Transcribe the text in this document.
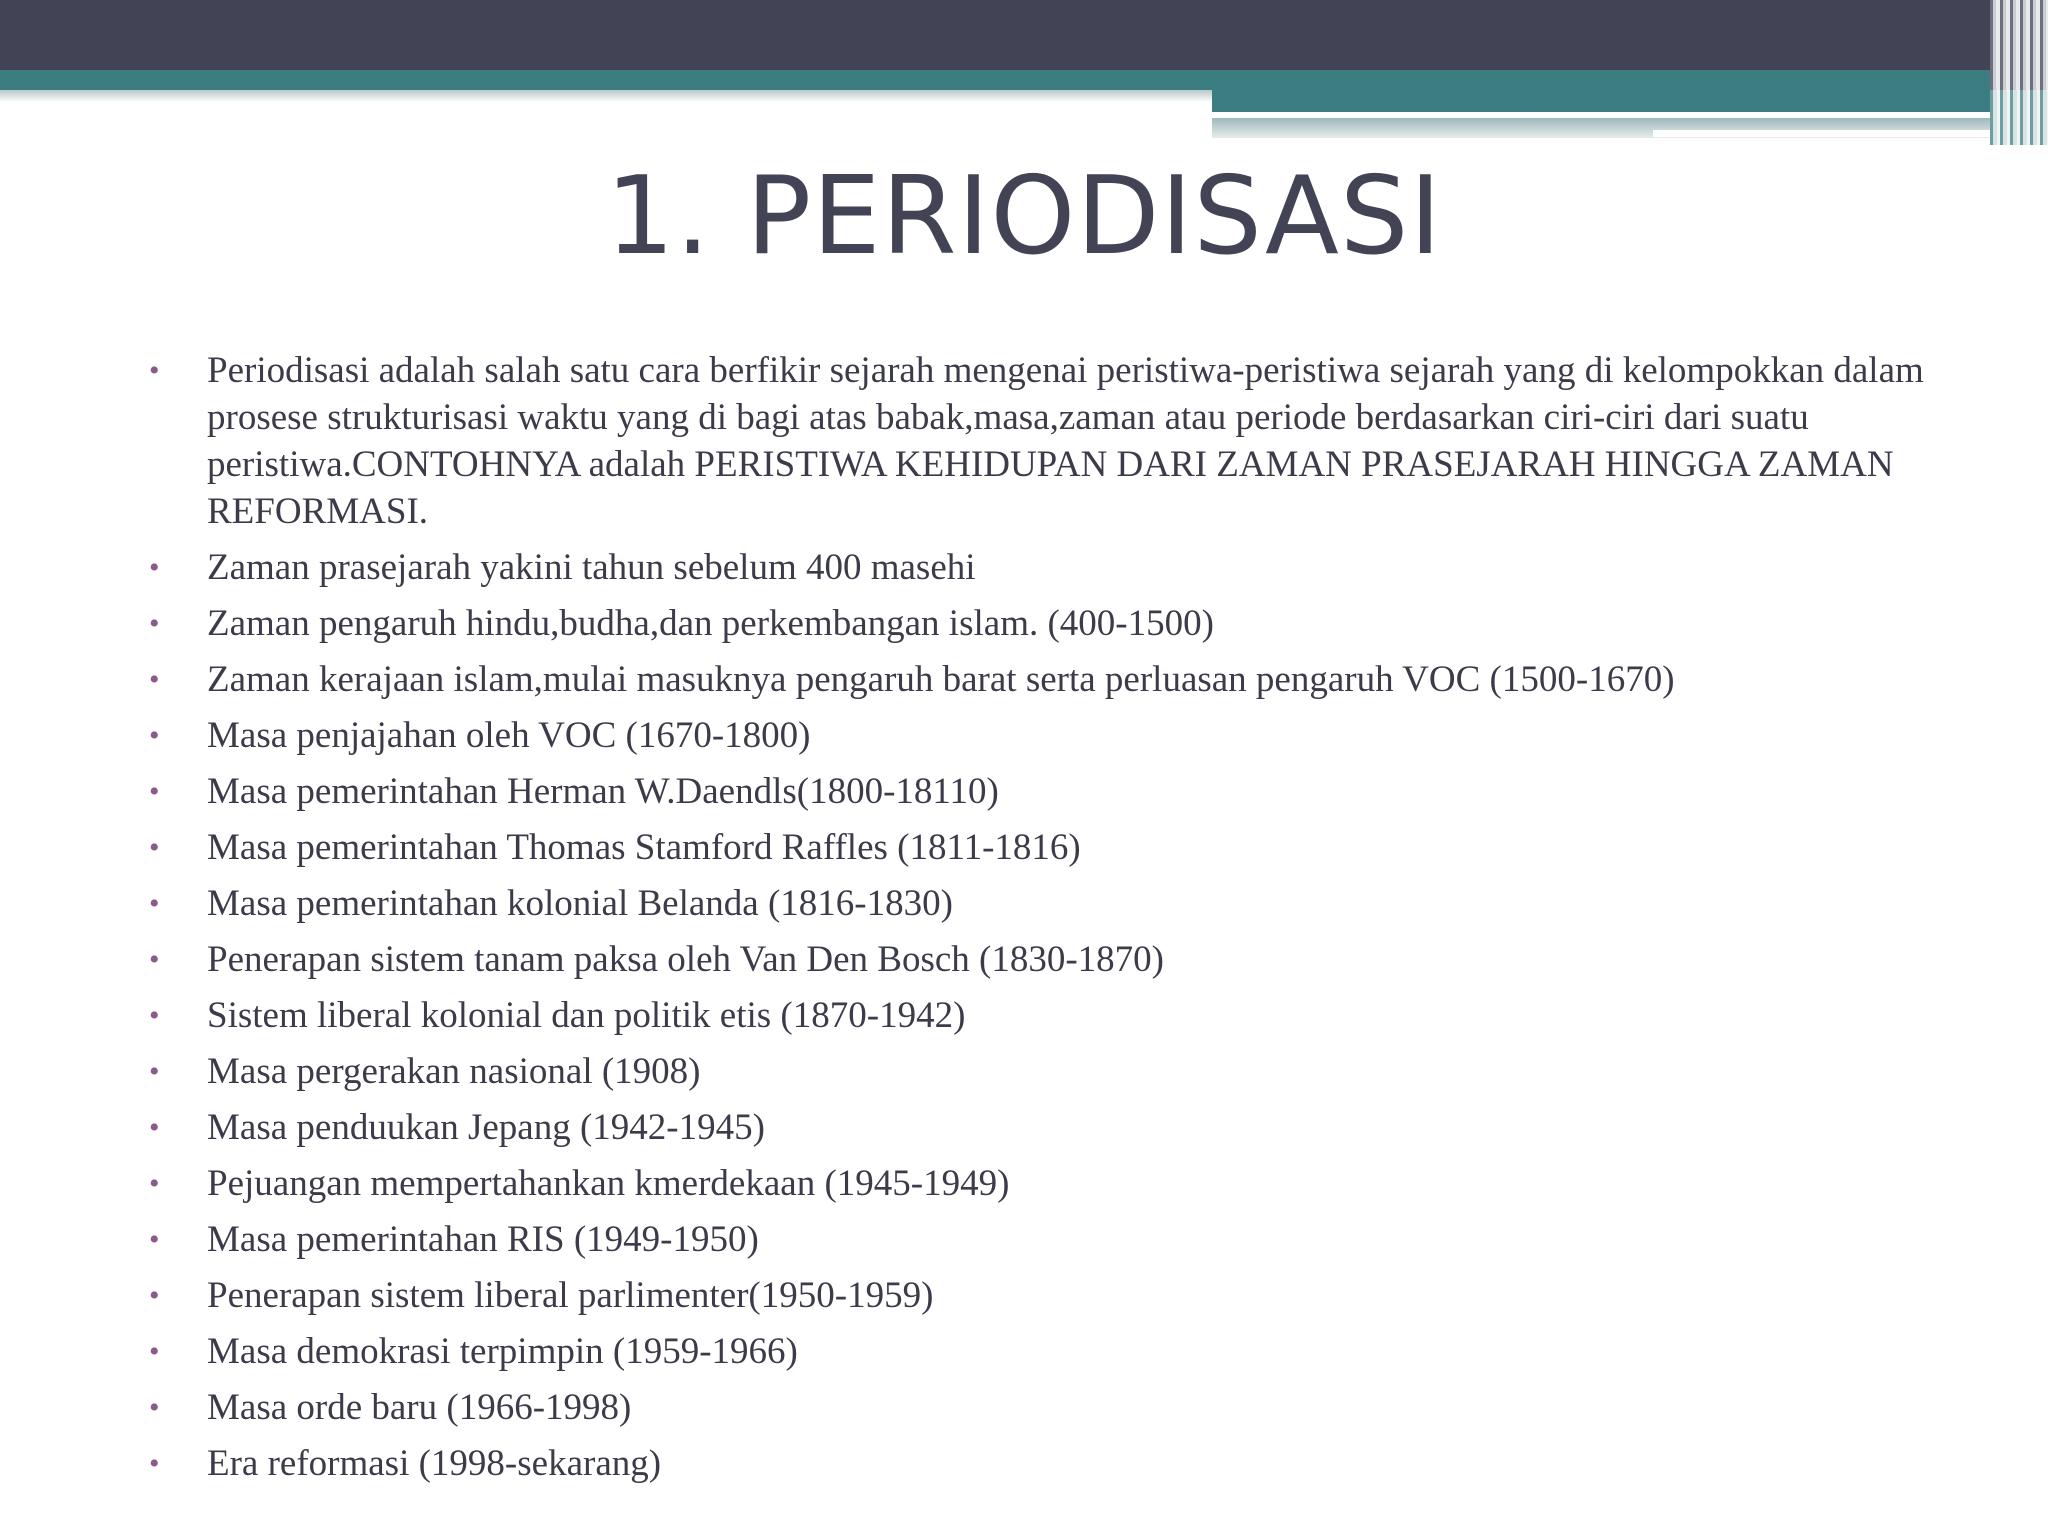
1. PERIODISASI
• Periodisasi adalah salah satu cara berfikir sejarah mengenai peristiwa-peristiwa sejarah yang di kelompokkan dalam prosese strukturisasi waktu yang di bagi atas babak,masa,zaman atau periode berdasarkan ciri-ciri dari suatu peristiwa.CONTOHNYA adalah PERISTIWA KEHIDUPAN DARI ZAMAN PRASEJARAH HINGGA ZAMAN REFORMASI.
• Zaman prasejarah yakini tahun sebelum 400 masehi
• Zaman pengaruh hindu,budha,dan perkembangan islam. (400-1500)
• Zaman kerajaan islam,mulai masuknya pengaruh barat serta perluasan pengaruh VOC (1500-1670)
• Masa penjajahan oleh VOC (1670-1800)
• Masa pemerintahan Herman W.Daendls(1800-18110)
• Masa pemerintahan Thomas Stamford Raffles (1811-1816)
• Masa pemerintahan kolonial Belanda (1816-1830)
• Penerapan sistem tanam paksa oleh Van Den Bosch (1830-1870)
• Sistem liberal kolonial dan politik etis (1870-1942)
• Masa pergerakan nasional (1908)
• Masa penduukan Jepang (1942-1945)
• Pejuangan mempertahankan kmerdekaan (1945-1949)
• Masa pemerintahan RIS (1949-1950)
• Penerapan sistem liberal parlimenter(1950-1959)
• Masa demokrasi terpimpin (1959-1966)
• Masa orde baru (1966-1998)
• Era reformasi (1998-sekarang)
